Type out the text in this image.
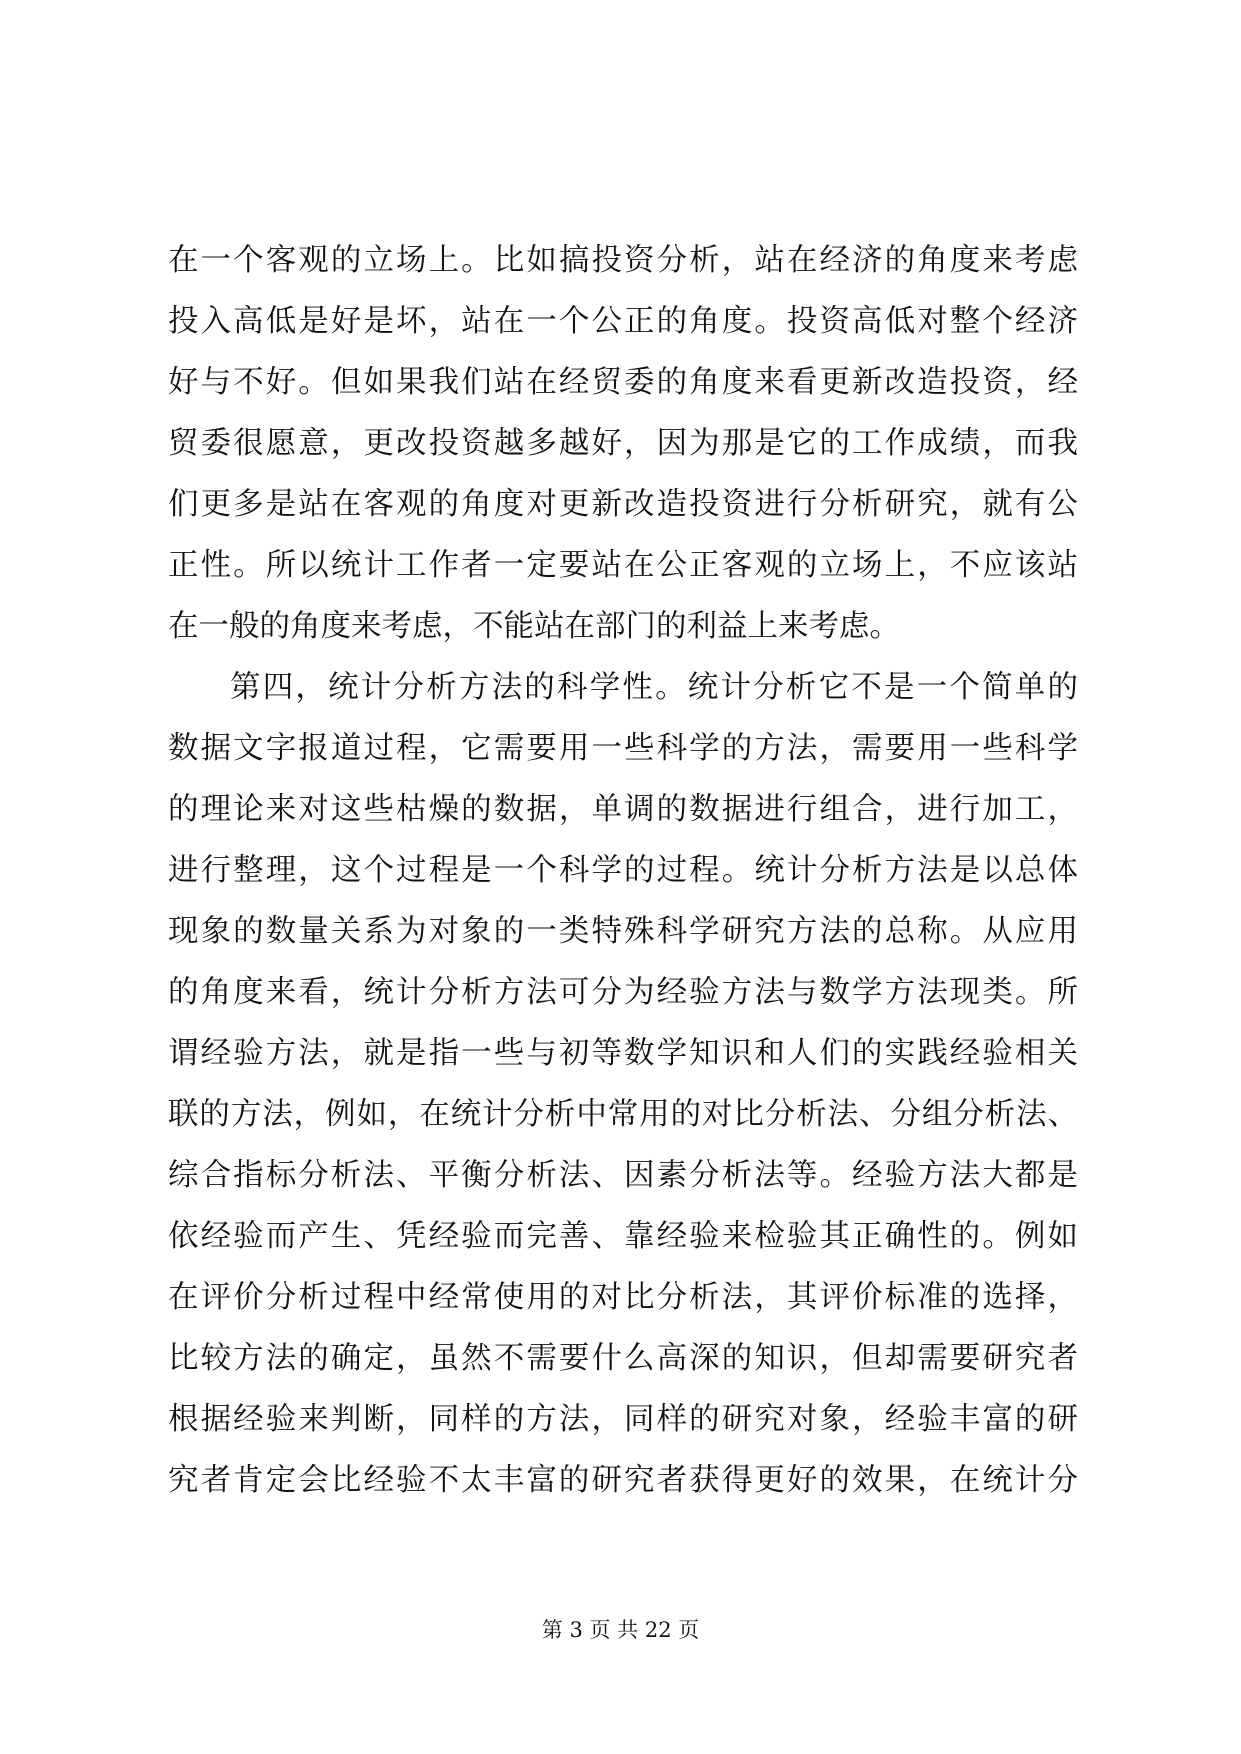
在一个客观的立场上。比如搞投资分析，站在经济的角度来考虑
投入高低是好是坏，站在一个公正的角度。投资高低对整个经济
好与不好。但如果我们站在经贸委的角度来看更新改造投资，经
贸委很愿意，更改投资越多越好，因为那是它的工作成绩，而我
们更多是站在客观的角度对更新改造投资进行分析研究，就有公
正性。所以统计工作者一定要站在公正客观的立场上，不应该站
在一般的角度来考虑，不能站在部门的利益上来考虑。
第四，统计分析方法的科学性。统计分析它不是一个简单的
数据文字报道过程，它需要用一些科学的方法，需要用一些科学
的理论来对这些枯燥的数据，单调的数据进行组合，进行加工，
进行整理，这个过程是一个科学的过程。统计分析方法是以总体
现象的数量关系为对象的一类特殊科学研究方法的总称。从应用
的角度来看，统计分析方法可分为经验方法与数学方法现类。所
谓经验方法，就是指一些与初等数学知识和人们的实践经验相关
联的方法，例如，在统计分析中常用的对比分析法、分组分析法、
综合指标分析法、平衡分析法、因素分析法等。经验方法大都是
依经验而产生、凭经验而完善、靠经验来检验其正确性的。例如
在评价分析过程中经常使用的对比分析法，其评价标准的选择，
比较方法的确定，虽然不需要什么高深的知识，但却需要研究者
根据经验来判断，同样的方法，同样的研究对象，经验丰富的研
究者肯定会比经验不太丰富的研究者获得更好的效果，在统计分
第 3 页 共 22 页
